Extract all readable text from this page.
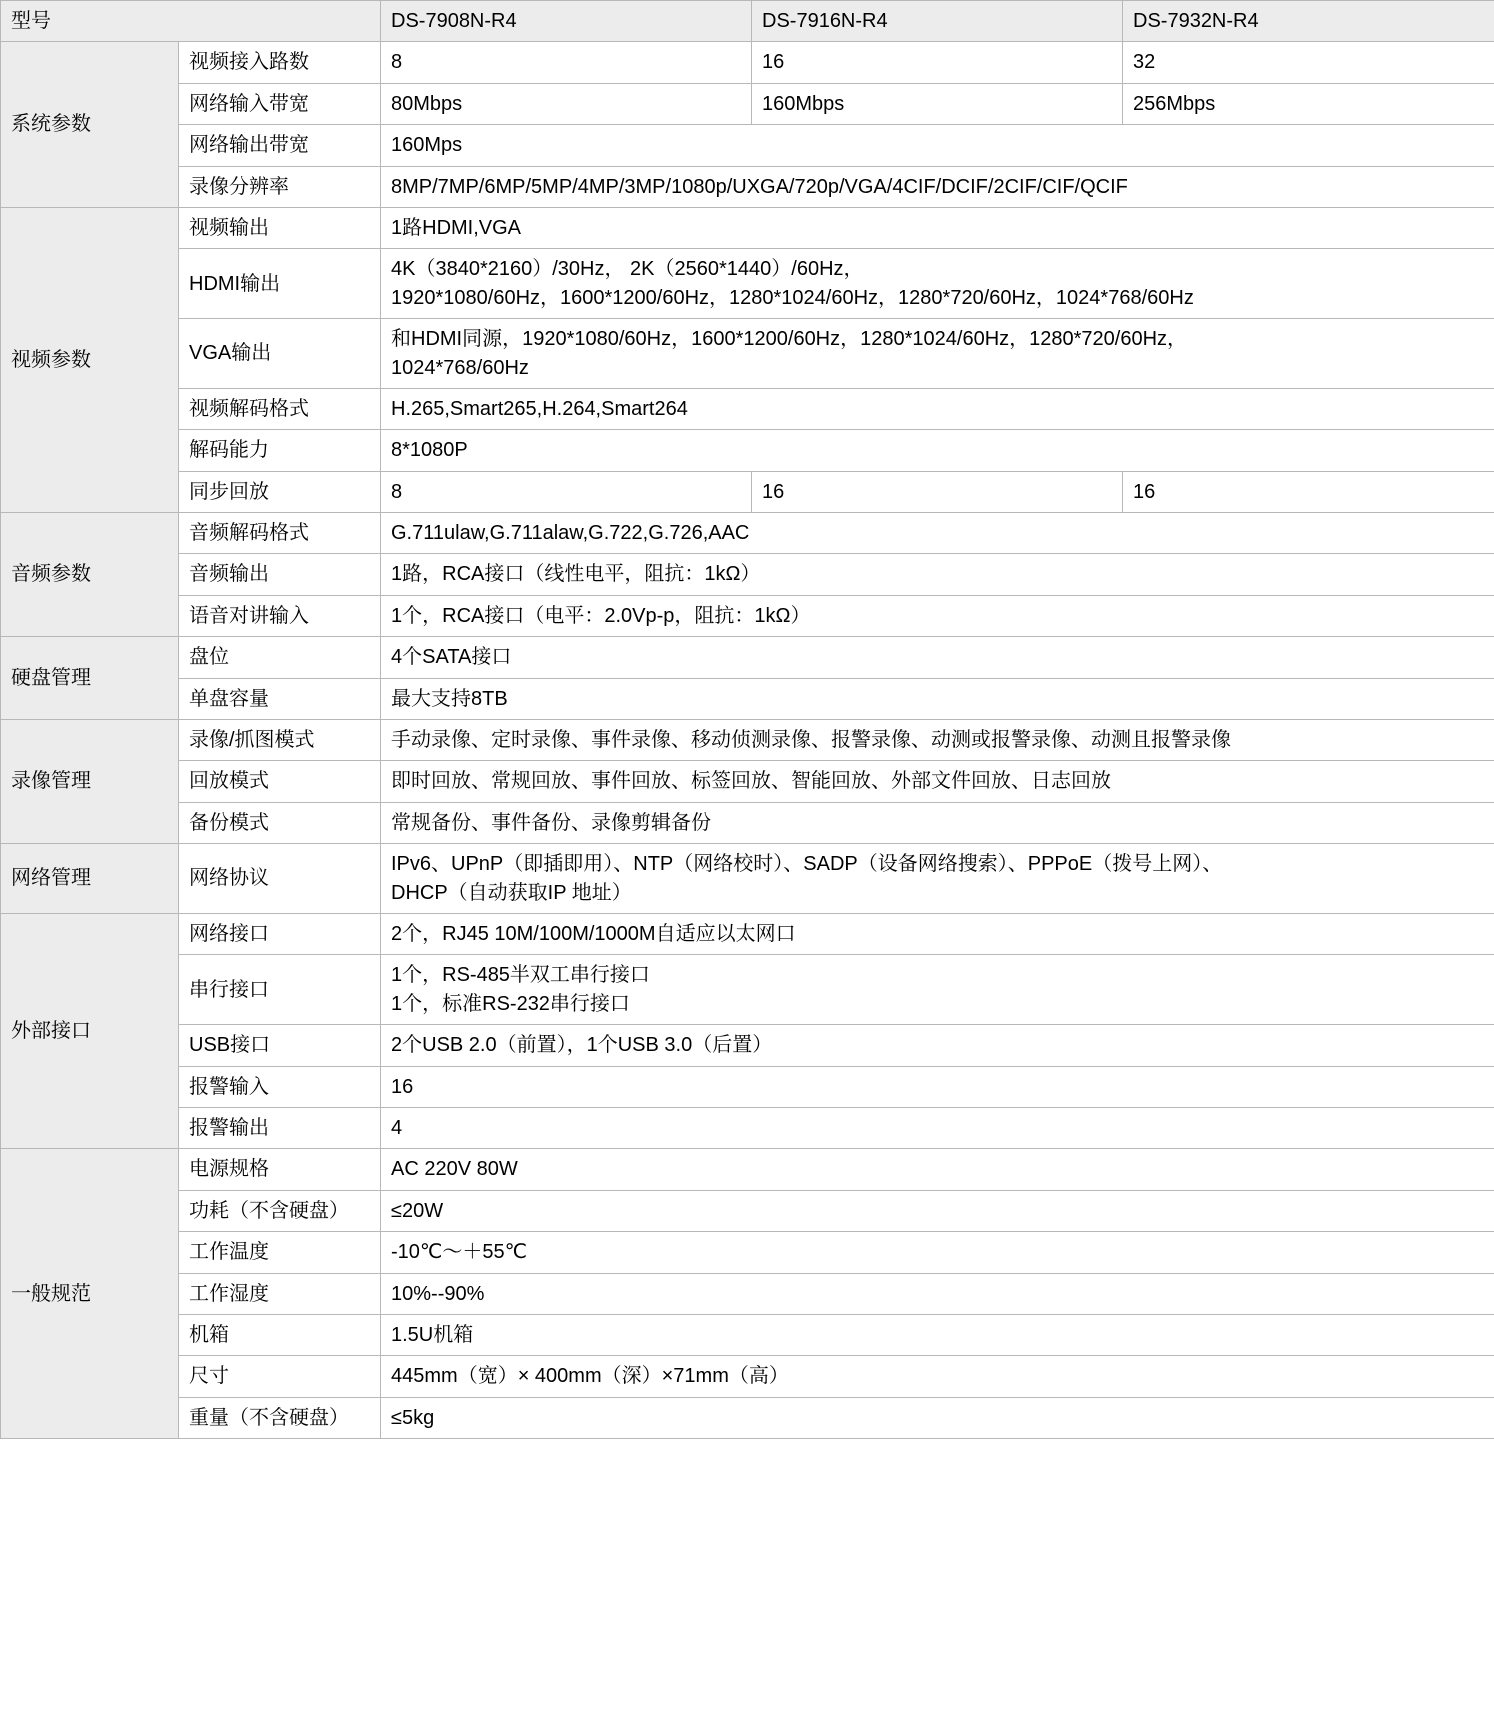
型号		DS-7908N-R4	DS-7916N-R4	DS-7932N-R4
系统参数	视频接入路数	8	16	32
	网络输入带宽	80Mbps	160Mbps	256Mbps
	网络输出带宽	160Mps		
	录像分辨率	8MP/7MP/6MP/5MP/4MP/3MP/1080p/UXGA/720p/VGA/4CIF/DCIF/2CIF/CIF/QCIF		
视频参数	视频输出	1路HDMI,VGA		
	HDMI输出	4K（3840*2160）/30Hz， 2K（2560*1440）/60Hz，
1920*1080/60Hz，1600*1200/60Hz，1280*1024/60Hz，1280*720/60Hz，1024*768/60Hz		
	VGA输出	和HDMI同源，1920*1080/60Hz，1600*1200/60Hz，1280*1024/60Hz，1280*720/60Hz，
1024*768/60Hz		
	视频解码格式	H.265,Smart265,H.264,Smart264		
	解码能力	8*1080P		
	同步回放	8	16	16
音频参数	音频解码格式	G.711ulaw,G.711alaw,G.722,G.726,AAC		
	音频输出	1路，RCA接口（线性电平，阻抗：1kΩ）		
	语音对讲输入	1个，RCA接口（电平：2.0Vp-p，阻抗：1kΩ）		
硬盘管理	盘位	4个SATA接口		
	单盘容量	最大支持8TB		
录像管理	录像/抓图模式	手动录像、定时录像、事件录像、移动侦测录像、报警录像、动测或报警录像、动测且报警录像		
	回放模式	即时回放、常规回放、事件回放、标签回放、智能回放、外部文件回放、日志回放		
	备份模式	常规备份、事件备份、录像剪辑备份		
网络管理	网络协议	IPv6、UPnP（即插即用）、NTP（网络校时）、SADP（设备网络搜索）、PPPoE（拨号上网）、
DHCP（自动获取IP 地址）		
外部接口	网络接口	2个，RJ45 10M/100M/1000M自适应以太网口		
	串行接口	1个，RS-485半双工串行接口
1个，标准RS-232串行接口		
	USB接口	2个USB 2.0（前置），1个USB 3.0（后置）		
	报警输入	16		
	报警输出	4		
一般规范	电源规格	AC 220V 80W		
	功耗（不含硬盘）	≤20W		
	工作温度	-10℃～＋55℃		
	工作湿度	10%--90%		
	机箱	1.5U机箱		
	尺寸	445mm（宽）× 400mm（深）×71mm（高）		
	重量（不含硬盘）	≤5kg		
